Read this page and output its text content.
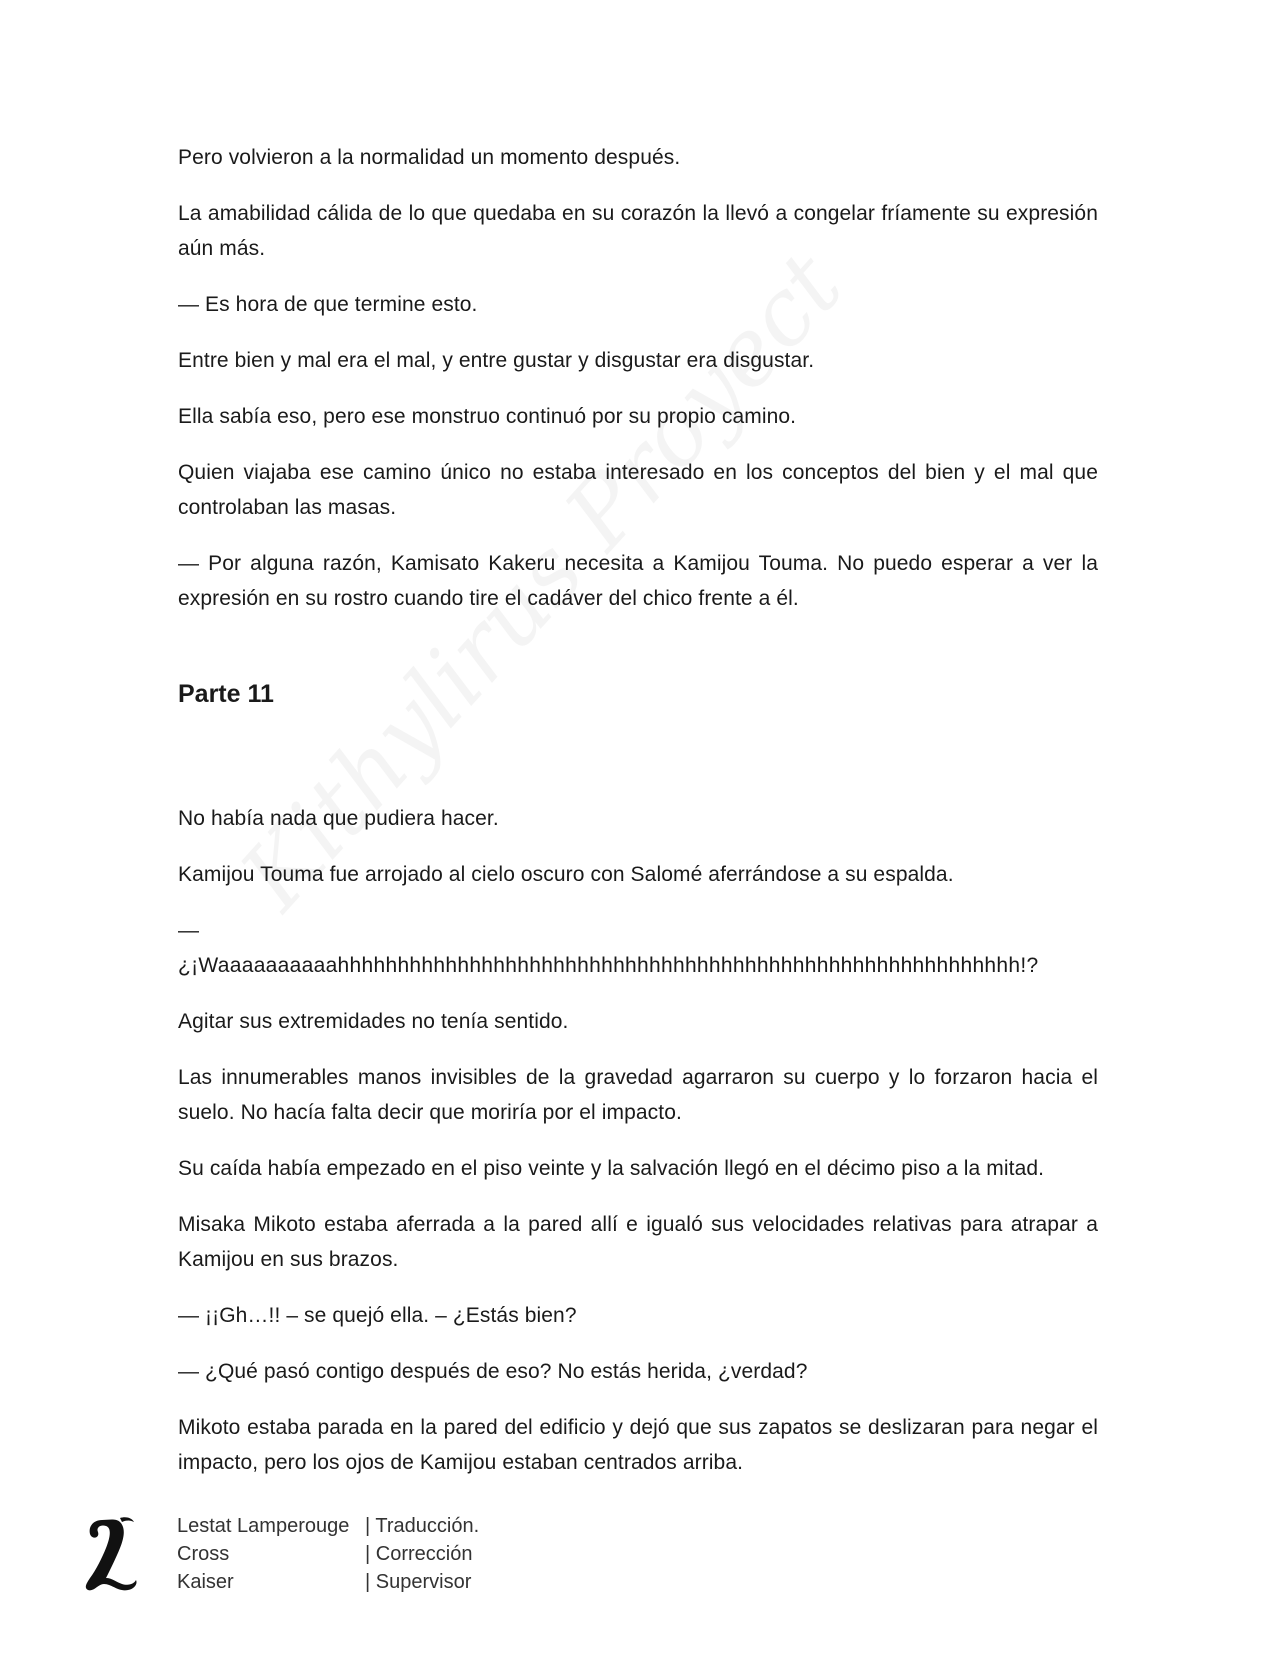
Pero volvieron a la normalidad un momento después.

La amabilidad cálida de lo que quedaba en su corazón la llevó a congelar fríamente su expresión aún más.

— Es hora de que termine esto.

Entre bien y mal era el mal, y entre gustar y disgustar era disgustar.

Ella sabía eso, pero ese monstruo continuó por su propio camino.

Quien viajaba ese camino único no estaba interesado en los conceptos del bien y el mal que controlaban las masas.

— Por alguna razón, Kamisato Kakeru necesita a Kamijou Touma. No puedo esperar a ver la expresión en su rostro cuando tire el cadáver del chico frente a él.

Parte 11

No había nada que pudiera hacer.

Kamijou Touma fue arrojado al cielo oscuro con Salomé aferrándose a su espalda.

—

¿¡Waaaaaaaaaahhhhhhhhhhhhhhhhhhhhhhhhhhhhhhhhhhhhhhhhhhhhhhhhhhhhhhhhh!?

Agitar sus extremidades no tenía sentido.

Las innumerables manos invisibles de la gravedad agarraron su cuerpo y lo forzaron hacia el suelo. No hacía falta decir que moriría por el impacto.

Su caída había empezado en el piso veinte y la salvación llegó en el décimo piso a la mitad.

Misaka Mikoto estaba aferrada a la pared allí e igualó sus velocidades relativas para atrapar a Kamijou en sus brazos.

— ¡¡Gh…!! – se quejó ella. – ¿Estás bien?

— ¿Qué pasó contigo después de eso? No estás herida, ¿verdad?

Mikoto estaba parada en la pared del edificio y dejó que sus zapatos se deslizaran para negar el impacto, pero los ojos de Kamijou estaban centrados arriba.

Lestat Lamperouge | Traducción.
Cross	| Corrección
Kaiser	| Supervisor
